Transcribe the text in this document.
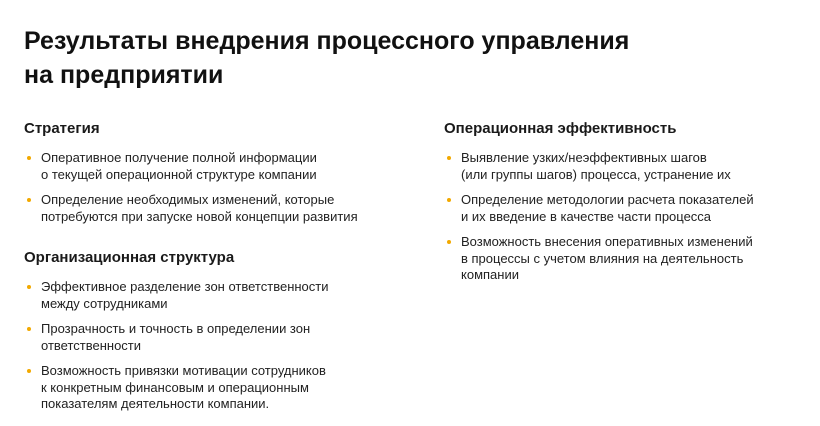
Результаты внедрения процессного управления
на предприятии
Стратегия
Оперативное получение полной информации
о текущей операционной структуре компании
Определение необходимых изменений, которые
потребуются при запуске новой концепции развития
Организационная структура
Эффективное разделение зон ответственности
между сотрудниками
Прозрачность и точность в определении зон
ответственности
Возможность привязки мотивации сотрудников
к конкретным финансовым и операционным
показателям деятельности компании.
Операционная эффективность
Выявление узких/неэффективных шагов
(или группы шагов) процесса, устранение их
Определение методологии расчета показателей
и их введение в качестве части процесса
Возможность внесения оперативных изменений
в процессы с учетом влияния на деятельность
компании
